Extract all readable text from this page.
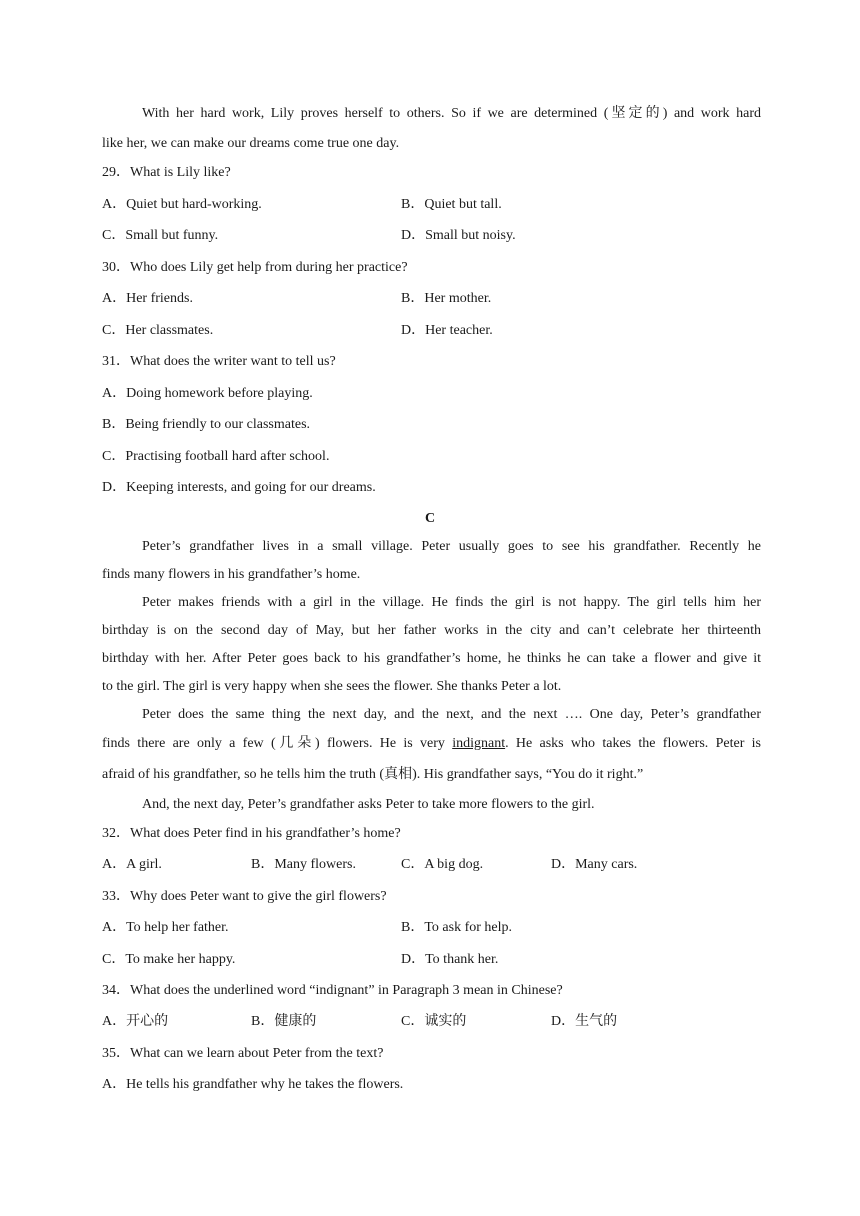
With her hard work, Lily proves herself to others. So if we are determined (坚定的) and work hard
like her, we can make our dreams come true one day.
29．What is Lily like?
A．Quiet but hard-working.	B．Quiet but tall.
C．Small but funny.	D．Small but noisy.
30．Who does Lily get help from during her practice?
A．Her friends.	B．Her mother.
C．Her classmates.	D．Her teacher.
31．What does the writer want to tell us?
A．Doing homework before playing.
B．Being friendly to our classmates.
C．Practising football hard after school.
D．Keeping interests, and going for our dreams.
C
Peter’s grandfather lives in a small village. Peter usually goes to see his grandfather. Recently he
finds many flowers in his grandfather’s home.
Peter makes friends with a girl in the village. He finds the girl is not happy. The girl tells him her
birthday is on the second day of May, but her father works in the city and can’t celebrate her thirteenth
birthday with her. After Peter goes back to his grandfather’s home, he thinks he can take a flower and give it
to the girl. The girl is very happy when she sees the flower. She thanks Peter a lot.
Peter does the same thing the next day, and the next, and the next …. One day, Peter’s grandfather
finds there are only a few (几朵) flowers. He is very indignant. He asks who takes the flowers. Peter is
afraid of his grandfather, so he tells him the truth (真相). His grandfather says, “You do it right.”
And, the next day, Peter’s grandfather asks Peter to take more flowers to the girl.
32．What does Peter find in his grandfather’s home?
A．A girl.	B．Many flowers.	C．A big dog.	D．Many cars.
33．Why does Peter want to give the girl flowers?
A．To help her father.	B．To ask for help.
C．To make her happy.	D．To thank her.
34．What does the underlined word “indignant” in Paragraph 3 mean in Chinese?
A．开心的	B．健康的	C．诚实的	D．生气的
35．What can we learn about Peter from the text?
A．He tells his grandfather why he takes the flowers.
